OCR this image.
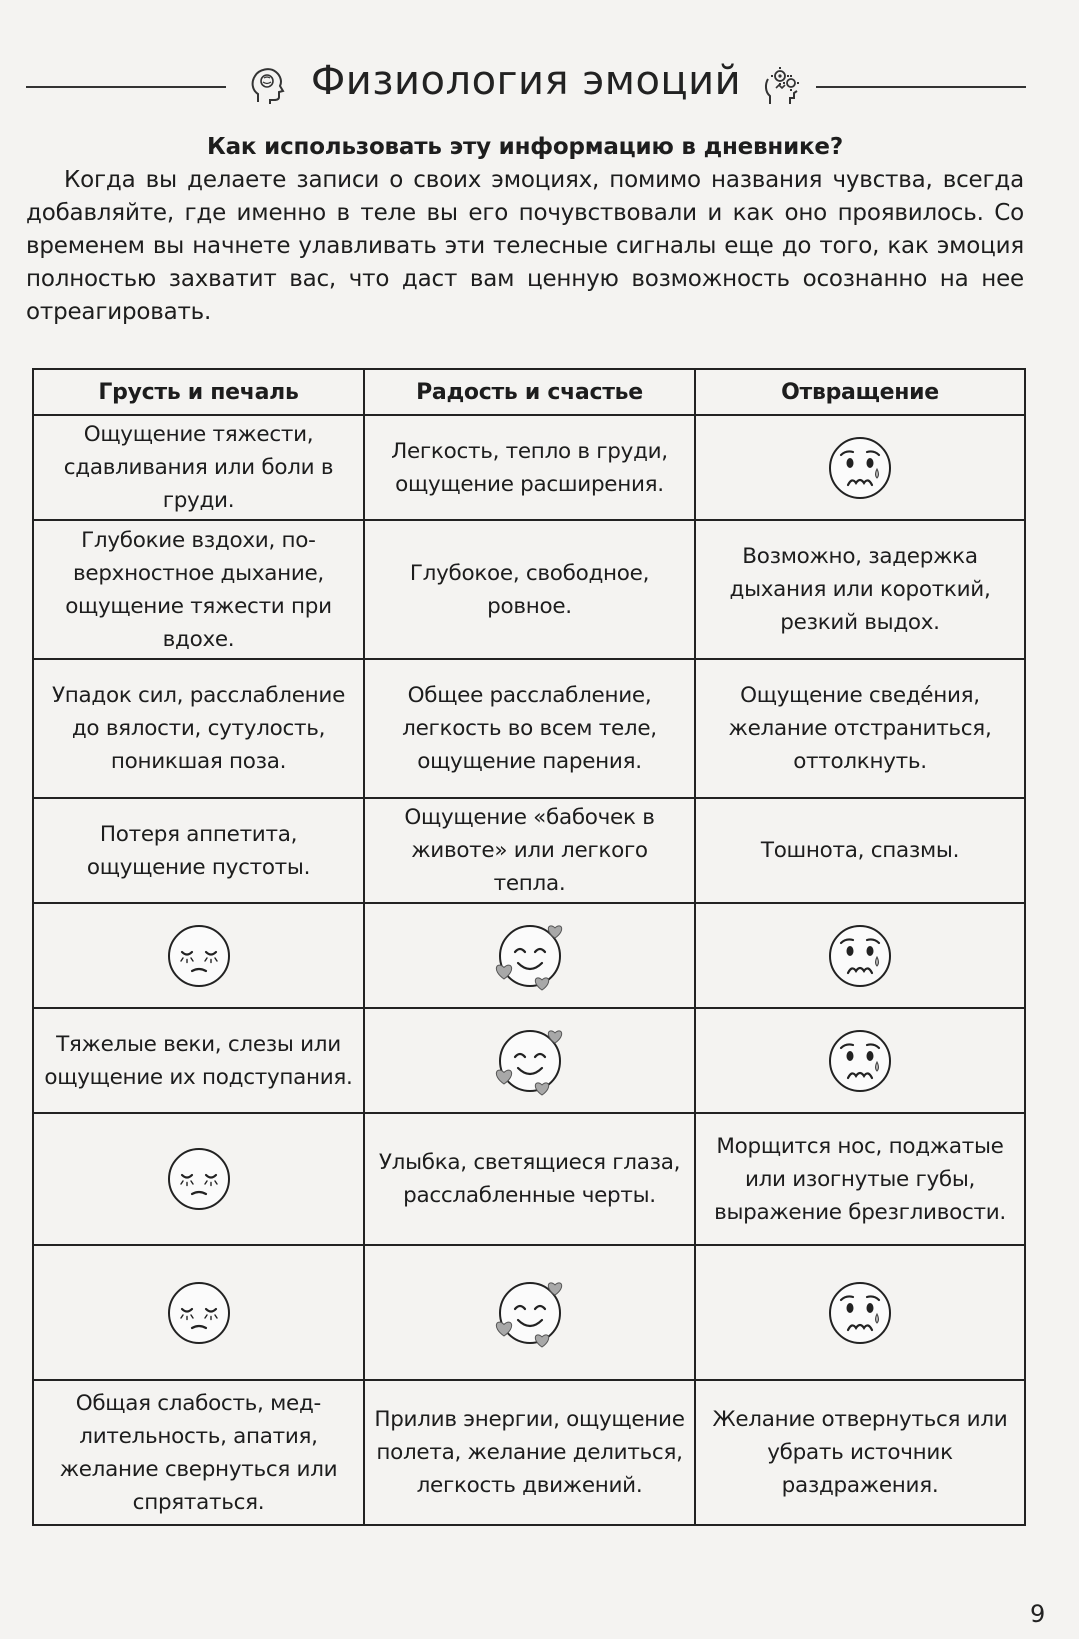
Физиология эмоций
Как использовать эту информацию в дневнике?

Когда вы делаете записи о своих эмоциях, помимо названия чувства, всегда добавляйте, где именно в теле вы его почувствовали и как оно проявилось. Со временем вы начнете улавливать эти телесные сигналы еще до того, как эмоция полностью захватит вас, что даст вам ценную возможность осознанно на нее отреагировать.

Грусть и печаль	Радость и счастье	Отвращение
Ощущение тяжести, сдавливания или боли в груди.	Легкость, тепло в груди, ощущение расширения.	
Глубокие вздохи, поверхностное дыхание, ощущение тяжести при вдохе.	Глубокое, свободное, ровное.	Возможно, задержка дыхания или короткий, резкий выдох.
Упадок сил, расслабление до вялости, сутулость, поникшая поза.	Общее расслабление, легкость во всем теле, ощущение парения.	Ощущение сведе́ния, желание отстраниться, оттолкнуть.
Потеря аппетита, ощущение пустоты.	Ощущение «бабочек в животе» или легкого тепла.	Тошнота, спазмы.

Тяжелые веки, слезы или ощущение их подступания.		
	Улыбка, светящиеся глаза, расслабленные черты.	Морщится нос, поджатые или изогнутые губы, выражение брезгливости.

Общая слабость, медлительность, апатия, желание свернуться или спрятаться.	Прилив энергии, ощущение полета, желание делиться, легкость движений.	Желание отвернуться или убрать источник раздражения.
9
